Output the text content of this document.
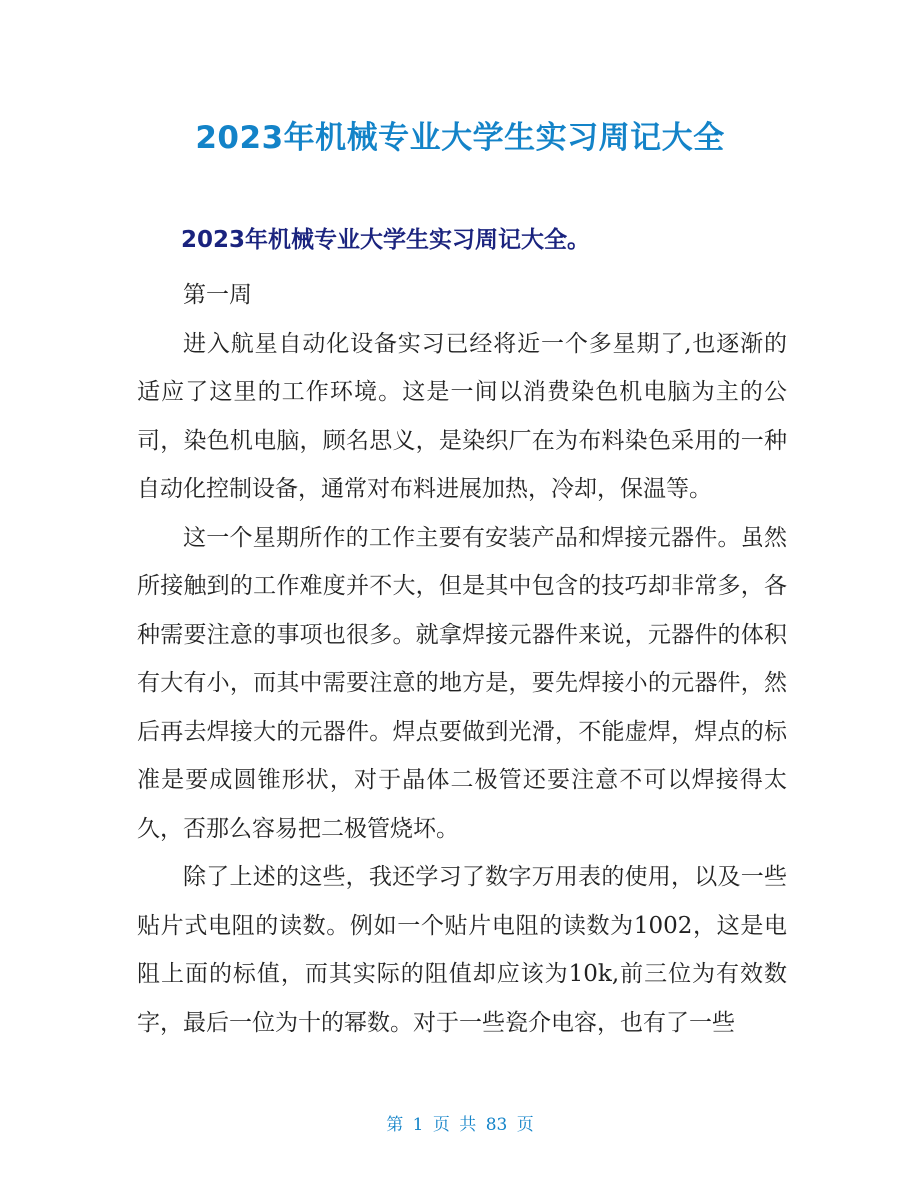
2023年机械专业大学生实习周记大全
2023年机械专业大学生实习周记大全。

第一周

进入航星自动化设备实习已经将近一个多星期了,也逐渐的适应了这里的工作环境。这是一间以消费染色机电脑为主的公司，染色机电脑，顾名思义，是染织厂在为布料染色采用的一种自动化控制设备，通常对布料进展加热，冷却，保温等。

这一个星期所作的工作主要有安装产品和焊接元器件。虽然所接触到的工作难度并不大，但是其中包含的技巧却非常多，各种需要注意的事项也很多。就拿焊接元器件来说，元器件的体积有大有小，而其中需要注意的地方是，要先焊接小的元器件，然后再去焊接大的元器件。焊点要做到光滑，不能虚焊，焊点的标准是要成圆锥形状，对于晶体二极管还要注意不可以焊接得太久，否那么容易把二极管烧坏。

除了上述的这些，我还学习了数字万用表的使用，以及一些贴片式电阻的读数。例如一个贴片电阻的读数为1002，这是电阻上面的标值，而其实际的阻值却应该为10k,前三位为有效数字，最后一位为十的幂数。对于一些瓷介电容，也有了一些

第 1 页 共 83 页
